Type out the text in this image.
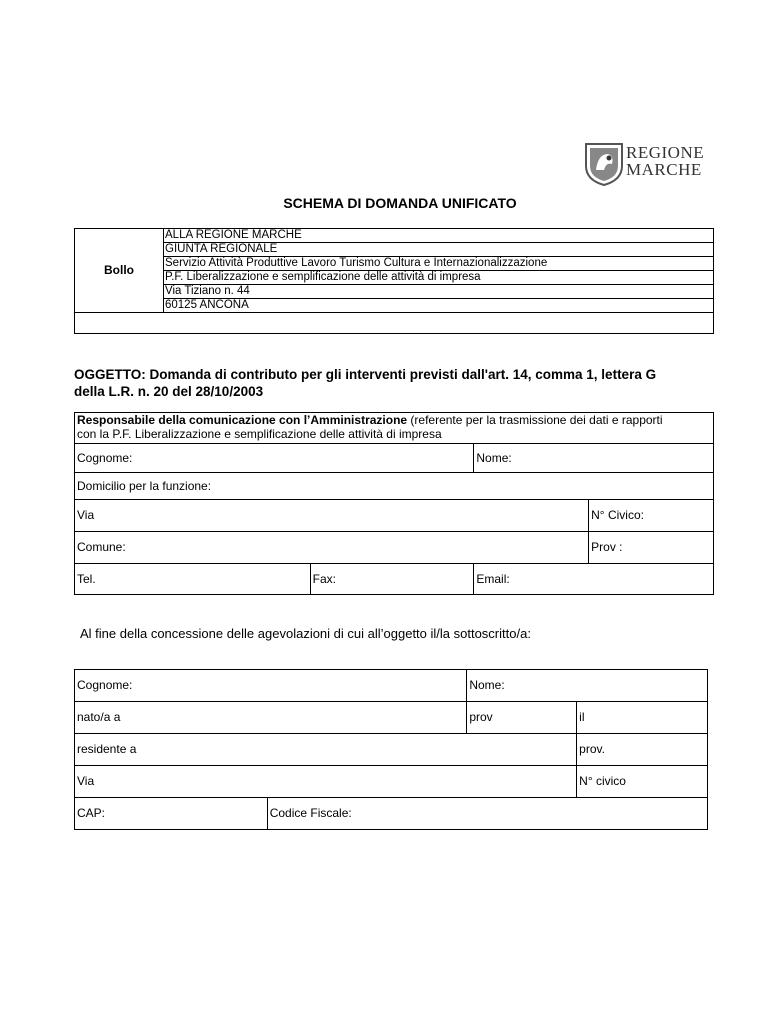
REGIONE
MARCHE
SCHEMA DI DOMANDA UNIFICATO
Bollo	ALLA REGIONE MARCHE
GIUNTA REGIONALE
Servizio Attività Produttive Lavoro Turismo Cultura e Internazionalizzazione
P.F. Liberalizzazione e semplificazione delle attività di impresa
Via Tiziano n. 44
60125 ANCONA

OGGETTO: Domanda di contributo per gli interventi previsti dall'art. 14, comma 1, lettera G
della L.R. n. 20 del 28/10/2003
Responsabile della comunicazione con l’Amministrazione (referente per la trasmissione dei dati e rapporti
con la P.F. Liberalizzazione e semplificazione delle attività di impresa			
Cognome:		Nome:	
Domicilio per la funzione:			
Via			N° Civico:
Comune:			Prov :
Tel.	Fax:	Email:	
Al fine della concessione delle agevolazioni di cui all’oggetto il/la sottoscritto/a:
Cognome:		Nome:	
nato/a a		prov	il
residente a			prov.
Via			N° civico
CAP:	Codice Fiscale:		
